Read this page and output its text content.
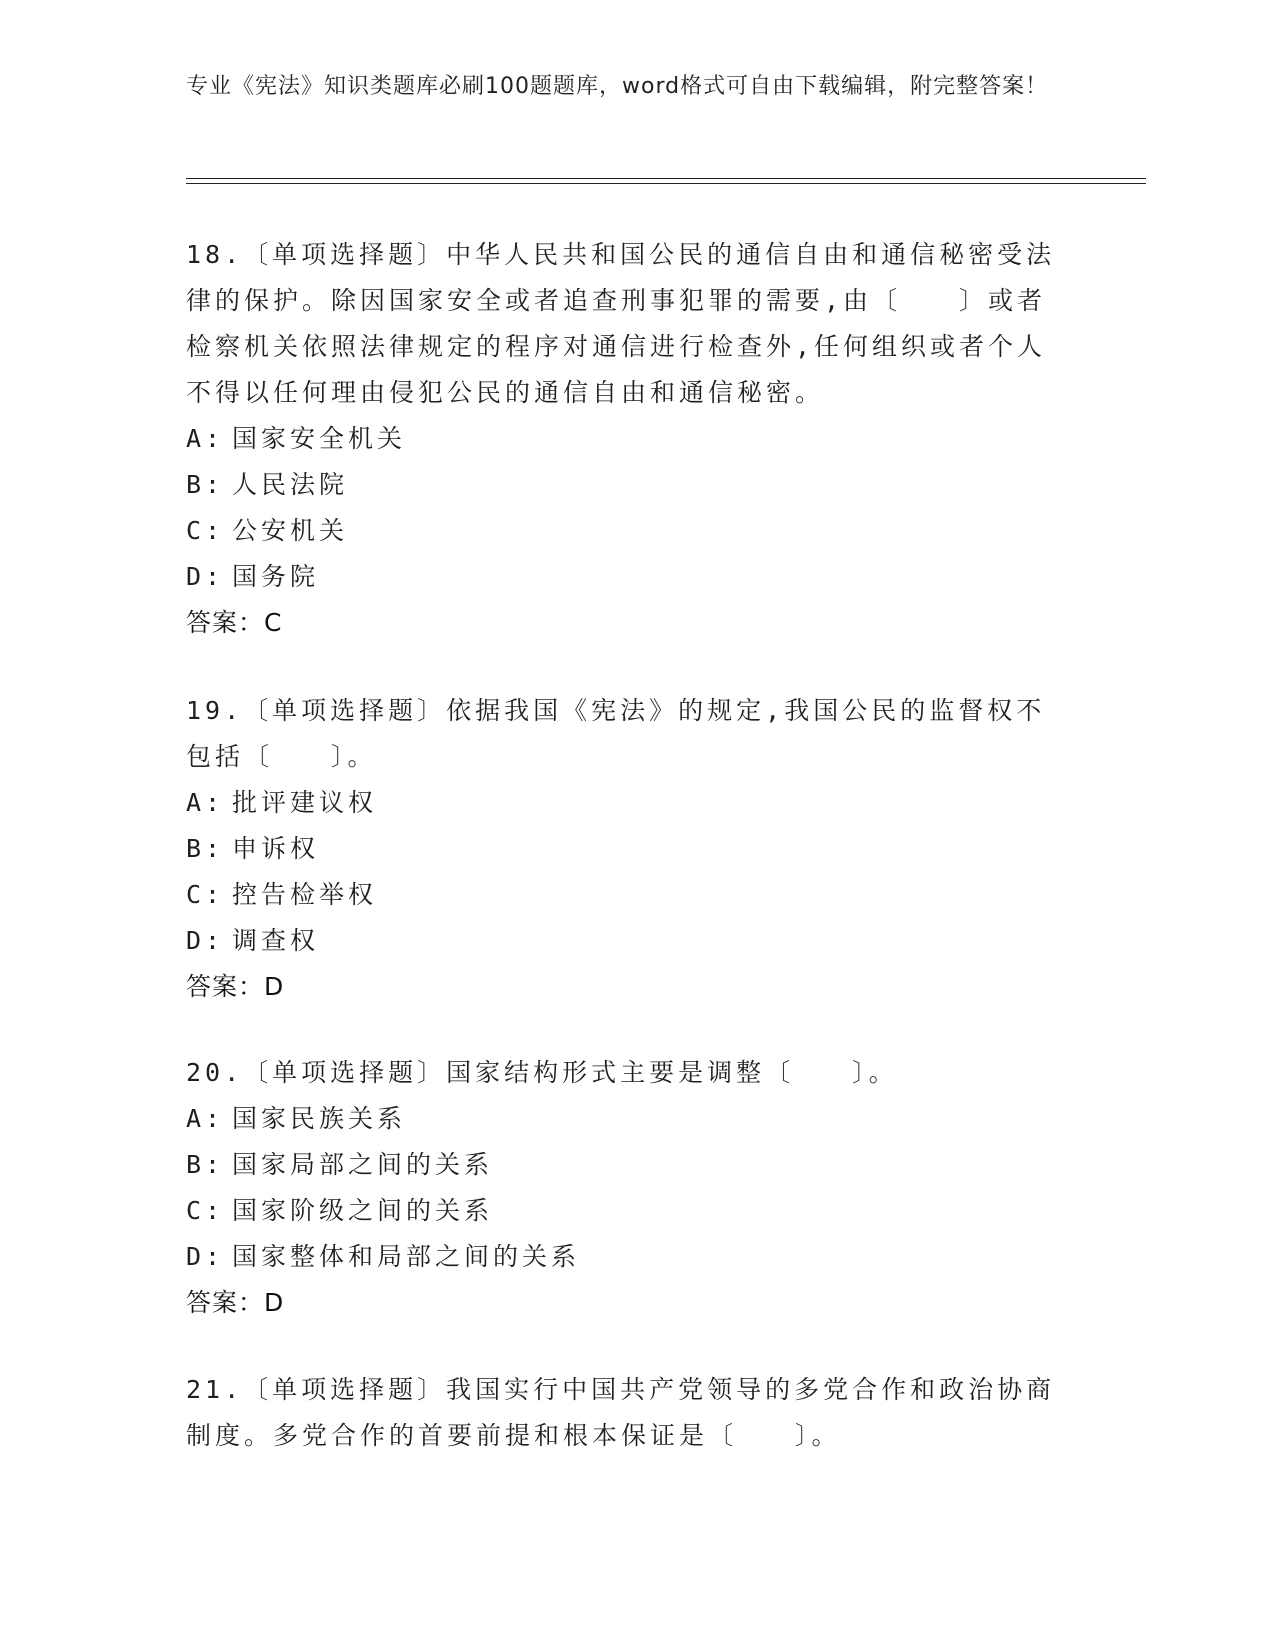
专业《宪法》知识类题库必刷100题题库，word格式可自由下载编辑，附完整答案！

18.〔单项选择题〕中华人民共和国公民的通信自由和通信秘密受法律的保护。除因国家安全或者追查刑事犯罪的需要,由〔　　〕或者检察机关依照法律规定的程序对通信进行检查外,任何组织或者个人不得以任何理由侵犯公民的通信自由和通信秘密。

A: 国家安全机关

B: 人民法院

C: 公安机关

D: 国务院

答案：C

19.〔单项选择题〕依据我国《宪法》的规定,我国公民的监督权不包括〔　　〕。

A: 批评建议权

B: 申诉权

C: 控告检举权

D: 调查权

答案：D

20.〔单项选择题〕国家结构形式主要是调整〔　　〕。

A: 国家民族关系

B: 国家局部之间的关系

C: 国家阶级之间的关系

D: 国家整体和局部之间的关系

答案：D

21.〔单项选择题〕我国实行中国共产党领导的多党合作和政治协商制度。多党合作的首要前提和根本保证是〔　　〕。
